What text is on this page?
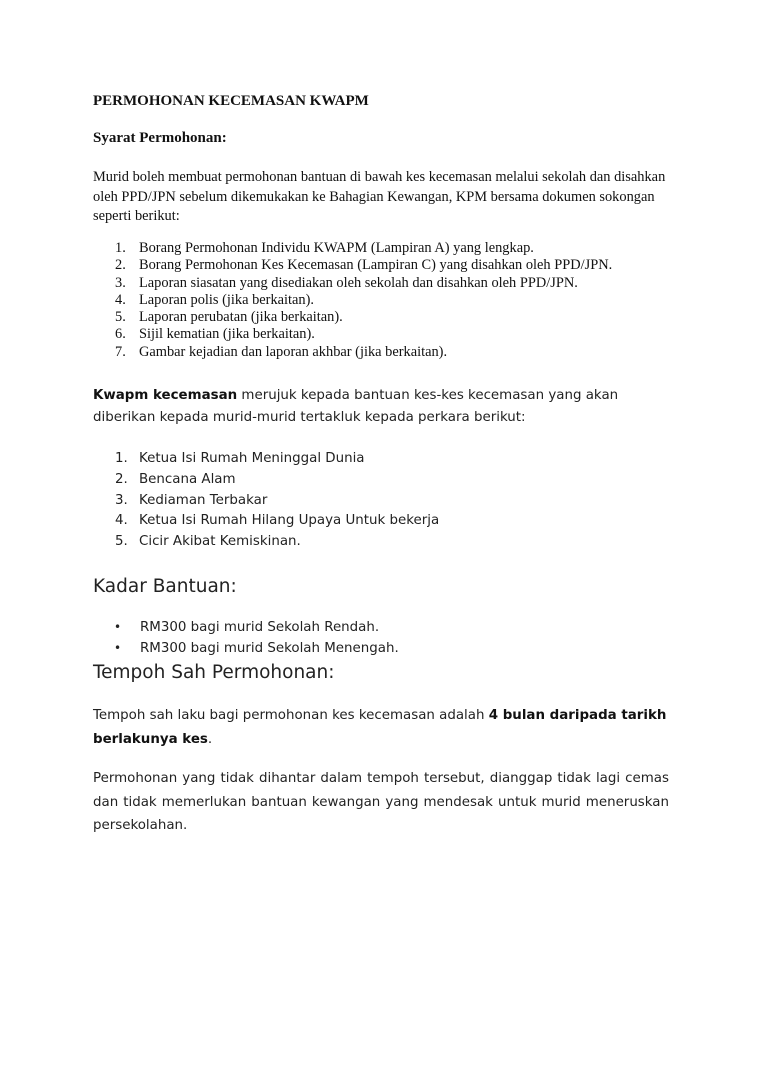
PERMOHONAN KECEMASAN KWAPM
Syarat Permohonan:

Murid boleh membuat permohonan bantuan di bawah kes kecemasan melalui sekolah dan disahkan oleh PPD/JPN sebelum dikemukakan ke Bahagian Kewangan, KPM bersama dokumen sokongan seperti berikut:

1. Borang Permohonan Individu KWAPM (Lampiran A) yang lengkap.
2. Borang Permohonan Kes Kecemasan (Lampiran C) yang disahkan oleh PPD/JPN.
3. Laporan siasatan yang disediakan oleh sekolah dan disahkan oleh PPD/JPN.
4. Laporan polis (jika berkaitan).
5. Laporan perubatan (jika berkaitan).
6. Sijil kematian (jika berkaitan).
7. Gambar kejadian dan laporan akhbar (jika berkaitan).

Kwapm kecemasan merujuk kepada bantuan kes-kes kecemasan yang akan diberikan kepada murid-murid tertakluk kepada perkara berikut:

1. Ketua Isi Rumah Meninggal Dunia
2. Bencana Alam
3. Kediaman Terbakar
4. Ketua Isi Rumah Hilang Upaya Untuk bekerja
5. Cicir Akibat Kemiskinan.
Kadar Bantuan:
• RM300 bagi murid Sekolah Rendah.
• RM300 bagi murid Sekolah Menengah.
Tempoh Sah Permohonan:

Tempoh sah laku bagi permohonan kes kecemasan adalah 4 bulan daripada tarikh berlakunya kes.

Permohonan yang tidak dihantar dalam tempoh tersebut, dianggap tidak lagi cemas dan tidak memerlukan bantuan kewangan yang mendesak untuk murid meneruskan persekolahan.
